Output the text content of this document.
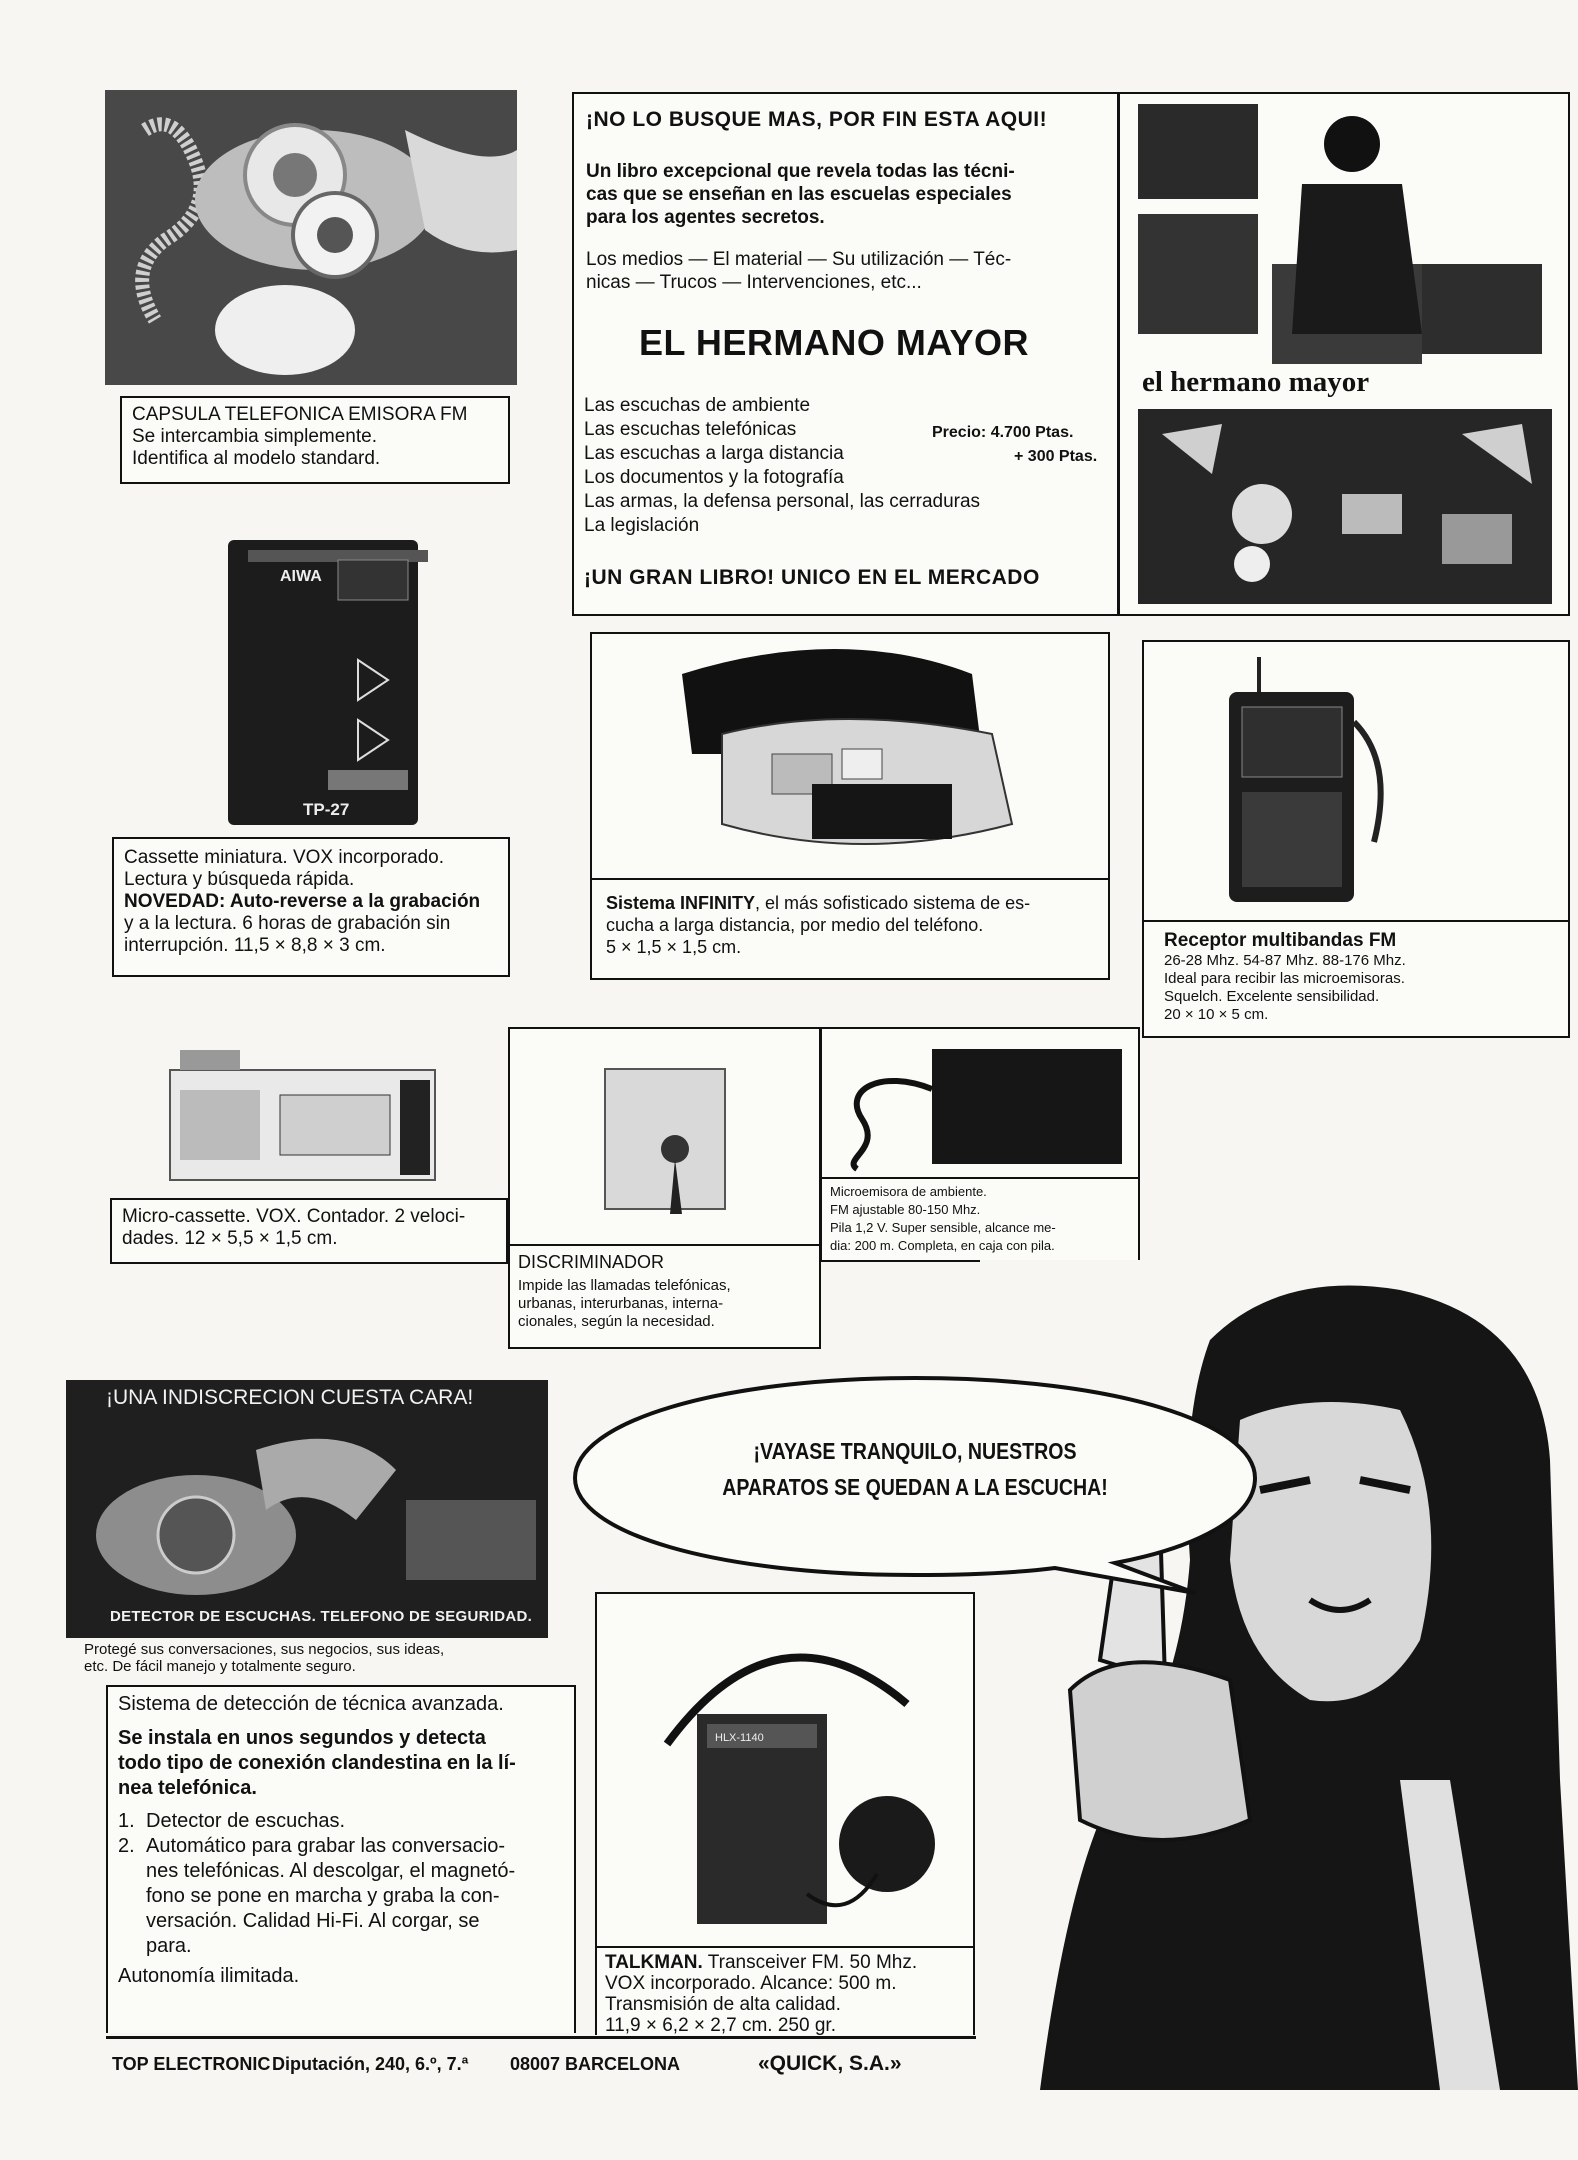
CAPSULA TELEFONICA EMISORA FM
Se intercambia simplemente.
Identifica al modelo standard.
AIWA
TP-27
Cassette miniatura. VOX incorporado.
Lectura y búsqueda rápida.
NOVEDAD: Auto-reverse a la grabación
y a la lectura. 6 horas de grabación sin
interrupción. 11,5 × 8,8 × 3 cm.
¡NO LO BUSQUE MAS, POR FIN ESTA AQUI!
Un libro excepcional que revela todas las técni-
cas que se enseñan en las escuelas especiales
para los agentes secretos.
Los medios — El material — Su utilización — Téc-
nicas — Trucos — Intervenciones, etc...
EL HERMANO MAYOR
Las escuchas de ambiente
Las escuchas telefónicas
Las escuchas a larga distancia
Los documentos y la fotografía
Las armas, la defensa personal, las cerraduras
La legislación
Precio: 4.700 Ptas.
+ 300 Ptas.
¡UN GRAN LIBRO! UNICO EN EL MERCADO
el hermano mayor
Sistema INFINITY, el más sofisticado sistema de es-
cucha a larga distancia, por medio del teléfono.
5 × 1,5 × 1,5 cm.	Receptor multibandas FM
26-28 Mhz. 54-87 Mhz. 88-176 Mhz.
Ideal para recibir las microemisoras.
Squelch. Excelente sensibilidad.
20 × 10 × 5 cm.
Micro-cassette. VOX. Contador. 2 veloci-
dades. 12 × 5,5 × 1,5 cm.
DISCRIMINADOR
Impide las llamadas telefónicas,
urbanas, interurbanas, interna-
cionales, según la necesidad.
Microemisora de ambiente.
FM ajustable 80-150 Mhz.
Pila 1,2 V. Super sensible, alcance me-
dia: 200 m. Completa, en caja con pila.
¡UNA INDISCRECION CUESTA CARA!
DETECTOR DE ESCUCHAS. TELEFONO DE SEGURIDAD.
Protegé sus conversaciones, sus negocios, sus ideas,
etc. De fácil manejo y totalmente seguro.
Sistema de detección de técnica avanzada.
Se instala en unos segundos y detecta
todo tipo de conexión clandestina en la lí-
nea telefónica.
1. Detector de escuchas.
2. Automático para grabar las conversacio-
nes telefónicas. Al descolgar, el magnetó-
fono se pone en marcha y graba la con-
versación. Calidad Hi-Fi. Al corgar, se
para.
Autonomía ilimitada.
¡VAYASE TRANQUILO, NUESTROS
APARATOS SE QUEDAN A LA ESCUCHA!
HLX-1140
TALKMAN. Transceiver FM. 50 Mhz.
VOX incorporado. Alcance: 500 m.
Transmisión de alta calidad.
11,9 × 6,2 × 2,7 cm. 250 gr.
TOP ELECTRONIC Diputación, 240, 6.º, 7.ª 08007 BARCELONA	«QUICK, S.A.»
